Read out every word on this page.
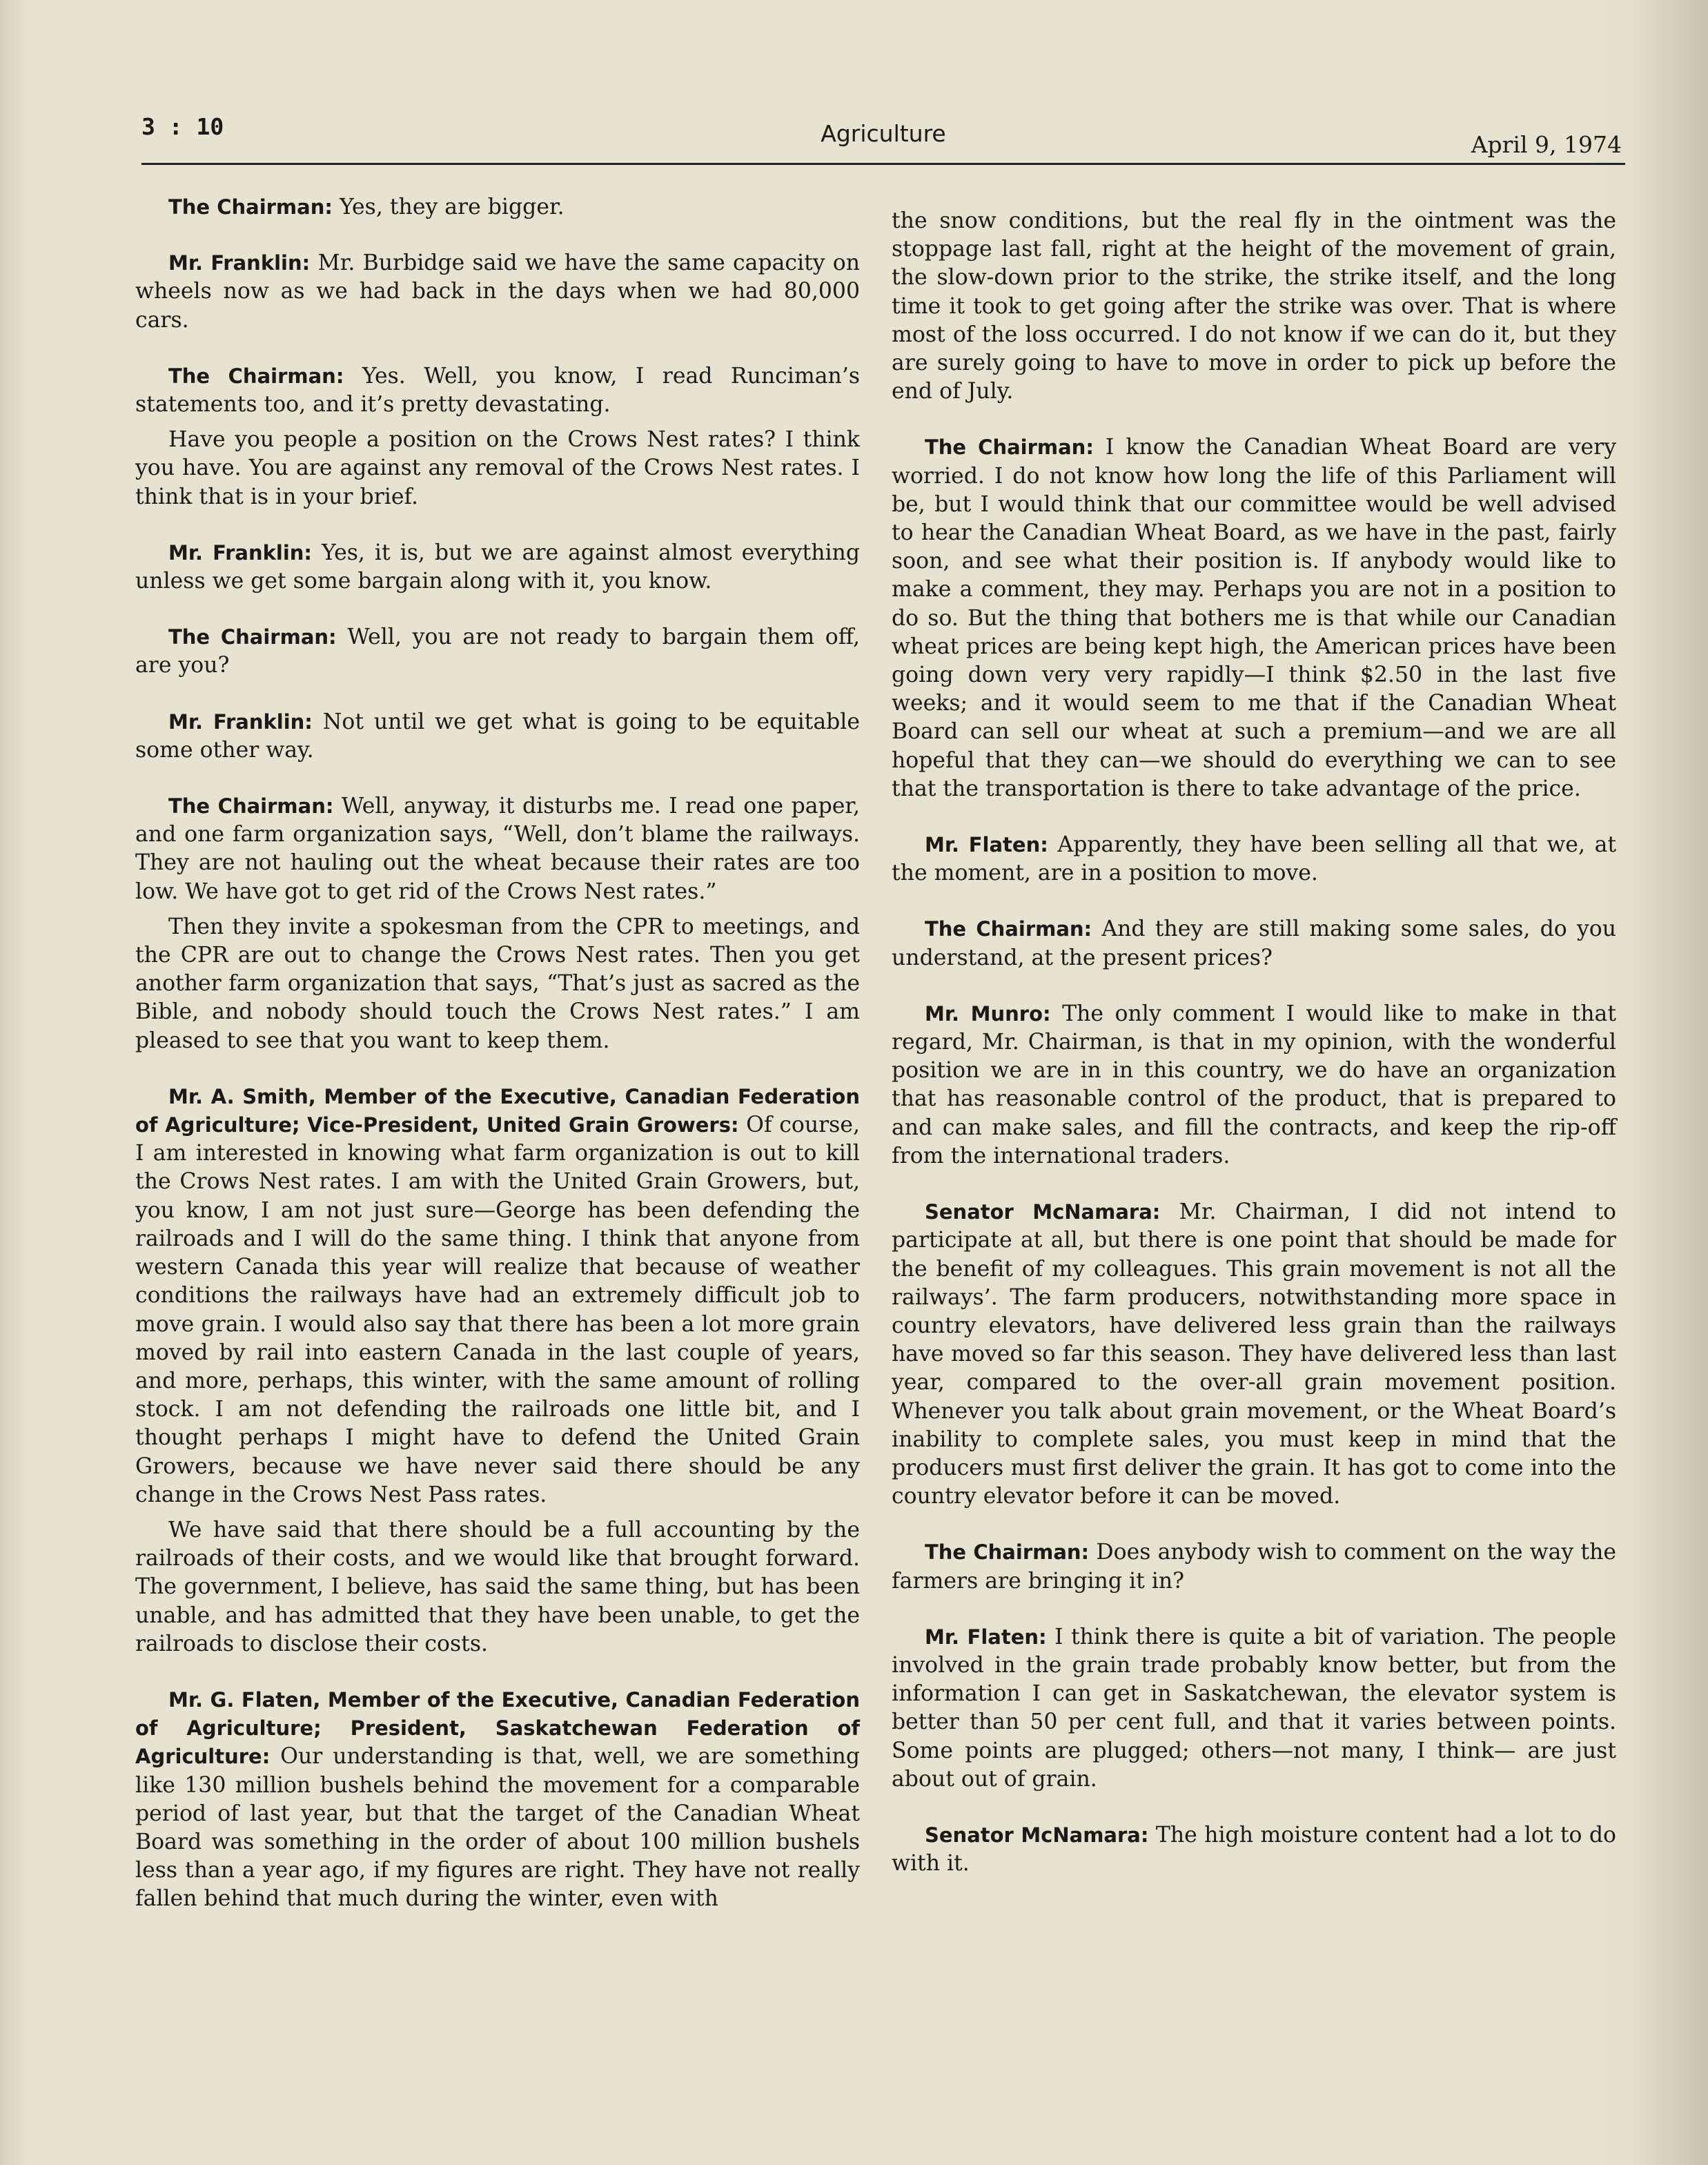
3 : 10	Agriculture	April 9, 1974

The Chairman: Yes, they are bigger.

Mr. Franklin: Mr. Burbidge said we have the same capacity on wheels now as we had back in the days when we had 80,000 cars.

The Chairman: Yes. Well, you know, I read Runciman’s statements too, and it’s pretty devastating.

Have you people a position on the Crows Nest rates? I think you have. You are against any removal of the Crows Nest rates. I think that is in your brief.

Mr. Franklin: Yes, it is, but we are against almost everything unless we get some bargain along with it, you know.

The Chairman: Well, you are not ready to bargain them off, are you?

Mr. Franklin: Not until we get what is going to be equitable some other way.

The Chairman: Well, anyway, it disturbs me. I read one paper, and one farm organization says, “Well, don’t blame the railways. They are not hauling out the wheat because their rates are too low. We have got to get rid of the Crows Nest rates.”

Then they invite a spokesman from the CPR to meetings, and the CPR are out to change the Crows Nest rates. Then you get another farm organization that says, “That’s just as sacred as the Bible, and nobody should touch the Crows Nest rates.” I am pleased to see that you want to keep them.

Mr. A. Smith, Member of the Executive, Canadian Federation of Agriculture; Vice-President, United Grain Growers: Of course, I am interested in knowing what farm organization is out to kill the Crows Nest rates. I am with the United Grain Growers, but, you know, I am not just sure—George has been defending the railroads and I will do the same thing. I think that anyone from western Canada this year will realize that because of weather conditions the railways have had an extremely difficult job to move grain. I would also say that there has been a lot more grain moved by rail into eastern Canada in the last couple of years, and more, perhaps, this winter, with the same amount of rolling stock. I am not defending the railroads one little bit, and I thought perhaps I might have to defend the United Grain Growers, because we have never said there should be any change in the Crows Nest Pass rates.

We have said that there should be a full accounting by the railroads of their costs, and we would like that brought forward. The government, I believe, has said the same thing, but has been unable, and has admitted that they have been unable, to get the railroads to disclose their costs.

Mr. G. Flaten, Member of the Executive, Canadian Federation of Agriculture; President, Saskatchewan Federation of Agriculture: Our understanding is that, well, we are something like 130 million bushels behind the movement for a comparable period of last year, but that the target of the Canadian Wheat Board was something in the order of about 100 million bushels less than a year ago, if my figures are right. They have not really fallen behind that much during the winter, even with

the snow conditions, but the real fly in the ointment was the stoppage last fall, right at the height of the movement of grain, the slow-down prior to the strike, the strike itself, and the long time it took to get going after the strike was over. That is where most of the loss occurred. I do not know if we can do it, but they are surely going to have to move in order to pick up before the end of July.

The Chairman: I know the Canadian Wheat Board are very worried. I do not know how long the life of this Parliament will be, but I would think that our committee would be well advised to hear the Canadian Wheat Board, as we have in the past, fairly soon, and see what their position is. If anybody would like to make a comment, they may. Perhaps you are not in a position to do so. But the thing that bothers me is that while our Canadian wheat prices are being kept high, the American prices have been going down very very rapidly—I think $2.50 in the last five weeks; and it would seem to me that if the Canadian Wheat Board can sell our wheat at such a premium—and we are all hopeful that they can—we should do everything we can to see that the transportation is there to take advantage of the price.

Mr. Flaten: Apparently, they have been selling all that we, at the moment, are in a position to move.

The Chairman: And they are still making some sales, do you understand, at the present prices?

Mr. Munro: The only comment I would like to make in that regard, Mr. Chairman, is that in my opinion, with the wonderful position we are in in this country, we do have an organization that has reasonable control of the product, that is prepared to and can make sales, and fill the contracts, and keep the rip-off from the international traders.

Senator McNamara: Mr. Chairman, I did not intend to participate at all, but there is one point that should be made for the benefit of my colleagues. This grain movement is not all the railways’. The farm producers, notwithstanding more space in country elevators, have delivered less grain than the railways have moved so far this season. They have delivered less than last year, compared to the over-all grain movement position. Whenever you talk about grain movement, or the Wheat Board’s inability to complete sales, you must keep in mind that the producers must first deliver the grain. It has got to come into the country elevator before it can be moved.

The Chairman: Does anybody wish to comment on the way the farmers are bringing it in?

Mr. Flaten: I think there is quite a bit of variation. The people involved in the grain trade probably know better, but from the information I can get in Saskatchewan, the elevator system is better than 50 per cent full, and that it varies between points. Some points are plugged; others—not many, I think— are just about out of grain.

Senator McNamara: The high moisture content had a lot to do with it.
